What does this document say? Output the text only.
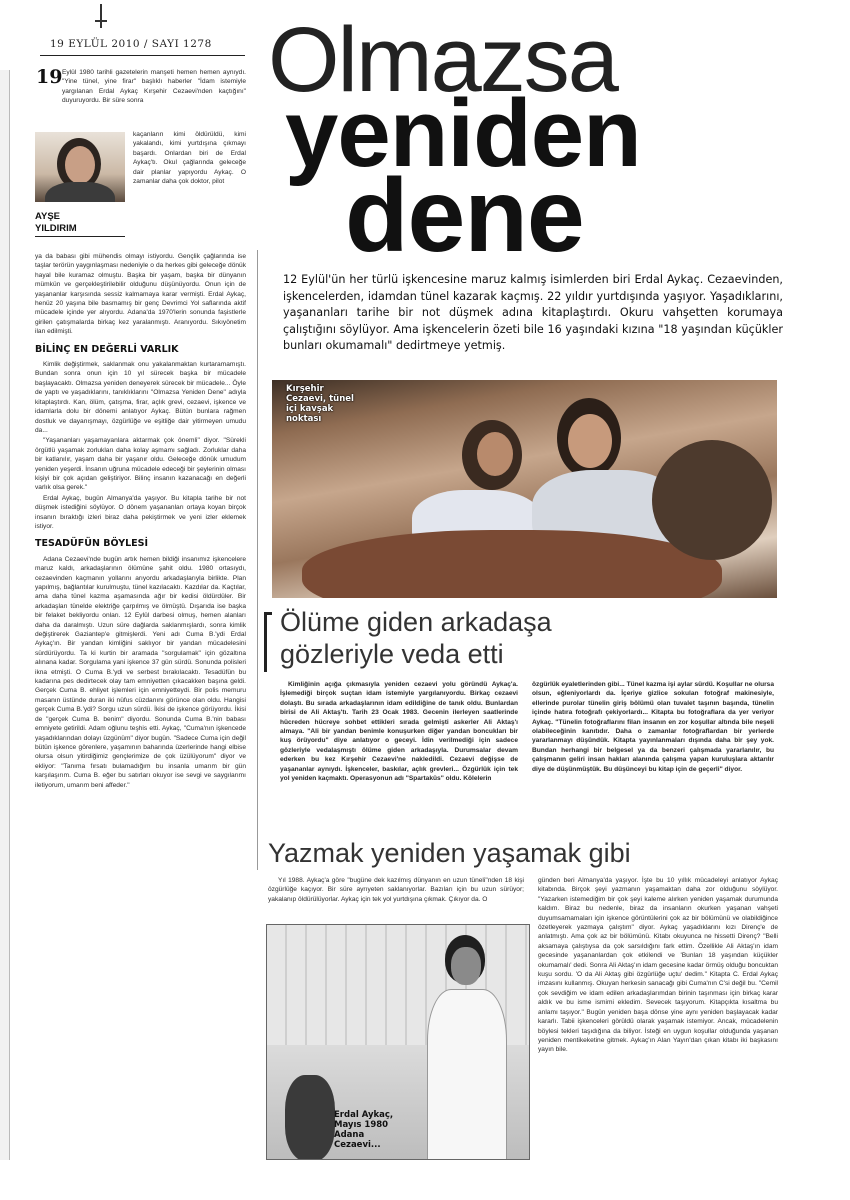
19 EYLÜL 2010 / SAYI 1278 Olmazsa
yeniden
dene
19 Eylül 1980 tarihli gazetelerin manşeti hemen hemen aynıydı. "Yine tünel, yine firar" başlıklı haberler "İdam istemiyle yargılanan Erdal Aykaç Kırşehir Cezaevi'nden kaçtığını" duyuruyordu. Bir süre sonra
AYŞE
YILDIRIM
kaçanların kimi öldürüldü, kimi yakalandı, kimi yurtdışına çıkmayı başardı. Onlardan biri de Erdal Aykaç'tı. Okul çağlarında geleceğe dair planlar yapıyordu Aykaç. O zamanlar daha çok doktor, pilot

ya da babası gibi mühendis olmayı istiyordu. Gençlik çağlarında ise taşlar terörün yaygınlaşması nedeniyle o da herkes gibi geleceğe dönük hayal bile kuramaz olmuştu. Başka bir yaşam, başka bir dünyanın mümkün ve gerçekleştirilebilir olduğunu düşünüyordu. Onun için de yaşananlar karşısında sessiz kalmamaya karar vermişti. Erdal Aykaç, henüz 20 yaşına bile basmamış bir genç Devrimci Yol saflarında aktif mücadele içinde yer alıyordu. Adana'da 1970'lerin sonunda faşistlerle girilen çatışmalarda birkaç kez yaralanmıştı. Aranıyordu. Sıkıyönetim ilan edilmişti.

BİLİNÇ EN DEĞERLİ VARLIK

Kimlik değiştirmek, saklanmak onu yakalanmaktan kurtaramamıştı. Bundan sonra onun için 10 yıl sürecek başka bir mücadele başlayacaktı. Olmazsa yeniden deneyerek sürecek bir mücadele... Öyle de yaptı ve yaşadıklarını, tanıklıklarını "Olmazsa Yeniden Dene" adıyla kitaplaştırdı. Kan, ölüm, çatışma, firar, açlık grevi, cezaevi, işkence ve idamlarla dolu bir dönemi anlatıyor Aykaç. Bütün bunlara rağmen dostluk ve dayanışmayı, özgürlüğe ve eşitliğe dair yitirmeyen umudu da...

"Yaşananları yaşamayanlara aktarmak çok önemli" diyor. "Sürekli örgütlü yaşamak zorlukları daha kolay aşmamı sağladı. Zorluklar daha bir katlanılır, yaşam daha bir yaşanır oldu. Geleceğe dönük umudum yeniden yeşerdi. İnsanın uğruna mücadele edeceği bir şeylerinin olması kişiyi bir çok açıdan geliştiriyor. Bilinç insanın kazanacağı en değerli varlık olsa gerek."

Erdal Aykaç, bugün Almanya'da yaşıyor. Bu kitapla tarihe bir not düşmek istediğini söylüyor. O dönem yaşananları ortaya koyan birçok insanın bıraktığı izleri biraz daha pekiştirmek ve yeni izler eklemek istiyor.

TESADÜFÜN BÖYLESİ

Adana Cezaevi'nde bugün artık hemen bildiği insanımız işkencelere maruz kaldı, arkadaşlarının ölümüne şahit oldu. 1980 ortasıydı, cezaevinden kaçmanın yollarını arıyordu arkadaşlarıyla birlikte. Plan yapılmış, bağlantılar kurulmuştu, tünel kazılacaktı. Kazdılar da. Kaçtılar, ama daha tünel kazma aşamasında ağır bir kedisi öldürdüler. Bir arkadaşları tünelde elektriğe çarpılmış ve ölmüştü. Dışarıda ise başka bir felaket bekliyordu onları. 12 Eylül darbesi olmuş, hemen alanları daha da daralmıştı. Uzun süre dağlarda saklanmışlardı, sonra kimlik değiştirerek Gaziantep'e gitmişlerdi. Yeni adı Cuma B.'ydi Erdal Aykaç'ın. Bir yandan kimliğini saklıyor bir yandan mücadelesini sürdürüyordu. Ta ki kurtin bir aramada "sorgulamak" için gözaltına alınana kadar. Sorgulama yani işkence 37 gün sürdü. Sonunda polisleri ikna etmişti. O Cuma B.'ydi ve serbest bırakılacaktı. Tesadüfün bu kadarına pes dedirtecek olay tam emniyetten çıkacakken başına geldi. Gerçek Cuma B. ehliyet işlemleri için emniyetteydi. Bir polis memuru masanın üstünde duran iki nüfus cüzdanını görünce olan oldu. Hangisi gerçek Cuma B.'ydi? Sorgu uzun sürdü. İkisi de işkence görüyordu. İkisi de "gerçek Cuma B. benim" diyordu. Sonunda Cuma B.'nin babası emniyete getirildi. Adam oğlunu teşhis etti. Aykaç, "Cuma'nın işkencede yaşadıklarından dolayı üzgünüm" diyor bugün. "Sadece Cuma için değil bütün işkence görenlere, yaşamının baharında üzerlerinde hangi elbise olursa olsun yitirdiğimiz gençlerimize de çok üzülüyorum" diyor ve ekliyor: "Tanıma fırsatı bulamadığım bu insanla umarım bir gün karşılaşırım. Cuma B. eğer bu satırları okuyor ise sevgi ve saygılarımı iletiyorum, umarım beni affeder."

12 Eylül'ün her türlü işkencesine maruz kalmış isimlerden biri Erdal Aykaç. Cezaevinden, işkencelerden, idamdan tünel kazarak kaçmış. 22 yıldır yurtdışında yaşıyor. Yaşadıklarını, yaşananları tarihe bir not düşmek adına kitaplaştırdı. Okuru vahşetten korumaya çalıştığını söylüyor. Ama işkencelerin özeti bile 16 yaşındaki kızına "18 yaşından küçükler bunları okumamalı" dedirtmeye yetmiş.
Kırşehir
Cezaevi, tünel
içi kavşak
noktası
Ölüme giden arkadaşa
gözleriyle veda etti
Kimliğinin açığa çıkmasıyla yeniden cezaevi yolu göründü Aykaç'a. İşlemediği birçok suçtan idam istemiyle yargılanıyordu. Birkaç cezaevi dolaştı. Bu sırada arkadaşlarının idam edildiğine de tanık oldu. Bunlardan birisi de Ali Aktaş'tı. Tarih 23 Ocak 1983. Gecenin ilerleyen saatlerinde hücreden hücreye sohbet ettikleri sırada gelmişti askerler Ali Aktaş'ı almaya. "Ali bir yandan benimle konuşurken diğer yandan boncukları bir kuş örüyordu" diye anlatıyor o geceyi. İdin verilmediği için sadece gözleriyle vedalaşmıştı ölüme giden arkadaşıyla. Durumsalar devam ederken bu kez Kırşehir Cezaevi'ne nakledildi. Cezaevi değişse de yaşananlar aynıydı. İşkenceler, baskılar, açlık grevleri... Özgürlük için tek yol yeniden kaçmaktı. Operasyonun adı "Spartaküs" oldu. Kölelerin
özgürlük eyaletlerinden gibi... Tünel kazma işi aylar sürdü. Koşullar ne olursa olsun, eğleniyorlardı da. İçeriye gizlice sokulan fotoğraf makinesiyle, ellerinde purolar tünelin giriş bölümü olan tuvalet taşının başında, tünelin içinde hatıra fotoğrafı çekiyorlardı... Kitapta bu fotoğraflara da yer veriyor Aykaç. "Tünelin fotoğraflarını filan insanın en zor koşullar altında bile neşeli olabileceğinin kanıtıdır. Daha o zamanlar fotoğraflardan bir yerlerde yararlanmayı düşündük. Kitapta yayınlanmaları dışında daha bir şey yok. Bundan herhangi bir belgesel ya da benzeri çalışmada yararlanılır, bu çalışmanın geliri insan hakları alanında çalışma yapan kuruluşlara aktarılır diye de düşünmüştük. Bu düşünceyi bu kitap için de geçerli" diyor.
Yazmak yeniden yaşamak gibi
Yıl 1988. Aykaç'a göre "bugüne dek kazılmış dünyanın en uzun tüneli"nden 18 kişi özgürlüğe kaçıyor. Bir süre ayrıyeten saklanıyorlar. Bazıları için bu uzun sürüyor; yakalanıp öldürülüyorlar. Aykaç için tek yol yurtdışına çıkmak. Çıkıyor da. O
Erdal Aykaç,
Mayıs 1980
Adana
Cezaevi...
günden beri Almanya'da yaşıyor. İşte bu 10 yıllık mücadeleyi anlatıyor Aykaç kitabında. Birçok şeyi yazmanın yaşamaktan daha zor olduğunu söylüyor. "Yazarken istemediğim bir çok şeyi kaleme alırken yeniden yaşamak durumunda kaldım. Biraz bu nedenle, biraz da insanların okurken yaşanan vahşeti duyumsamamaları için işkence görüntülerini çok az bir bölümünü ve olabildiğince özetleyerek yazmaya çalıştım" diyor. Aykaç yaşadıklarını kızı Direnç'e de anlatmıştı. Ama çok az bir bölümünü. Kitabı okuyunca ne hissetti Direnç? "Belli aksamaya çalıştıysa da çok sarsıldığını fark ettim. Özellikle Ali Aktaş'ın idam gecesinde yaşananlardan çok etkilendi ve 'Bunları 18 yaşından küçükler okumamalı' dedi. Sonra Ali Aktaş'ın idam gecesine kadar örmüş olduğu boncuktan kuşu sordu. 'O da Ali Aktaş gibi özgürlüğe uçtu' dedim." Kitapta C. Erdal Aykaç imzasını kullanmış. Okuyan herkesin sanacağı gibi Cuma'nın C'si değil bu. "Cemil çok sevdiğim ve idam edilen arkadaşlarımdan birinin taşınması için birkaç karar aldık ve bu isme ismimi ekledim. Sevecek taşıyorum. Kitapçıkta kısaltma bu anlamı taşıyor." Bugün yeniden başa dönse yine aynı yeniden başlayacak kadar kararlı. Tabii işkenceleri görüldü olarak yaşamak istemiyor. Ancak, mücadelenin böylesi tekleri taşıdığına da biliyor. İsteği en uygun koşullar olduğunda yaşanan yeniden mentikeketine gitmek. Aykaç'ın Alan Yayın'dan çıkan kitabı iki başkasını yayın bile.
